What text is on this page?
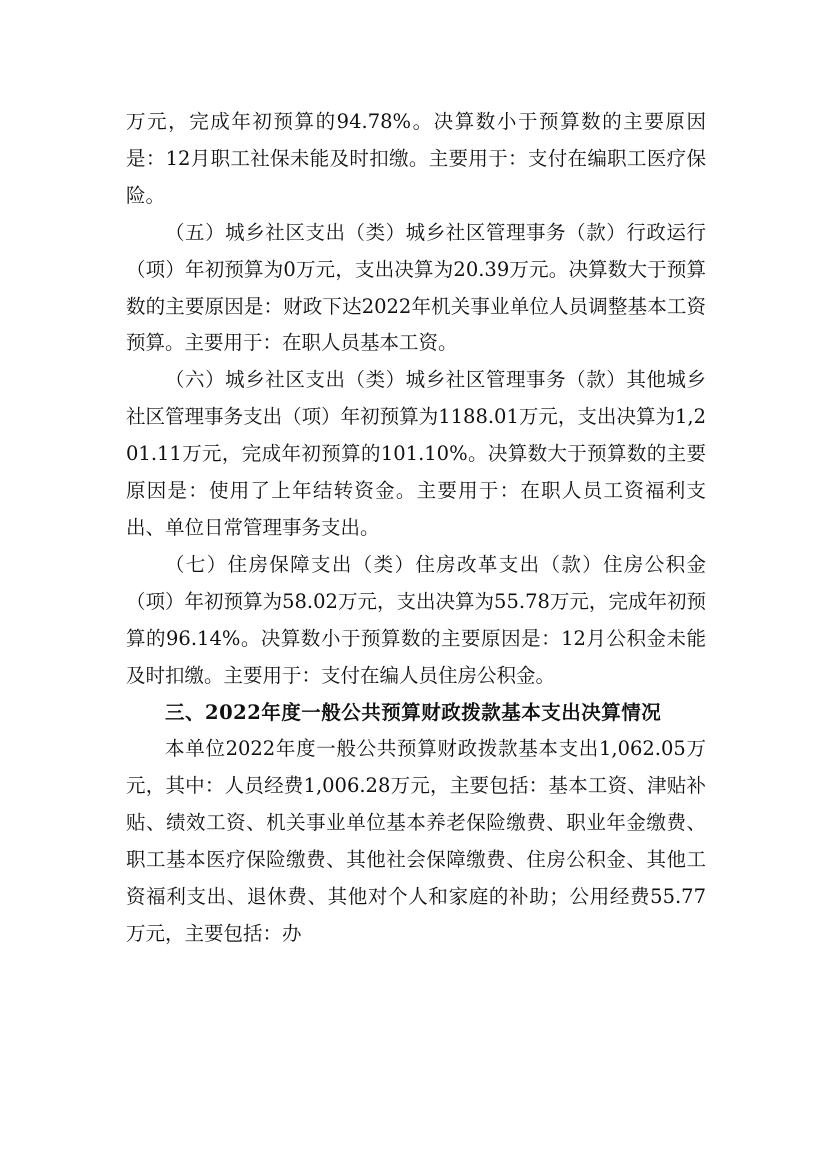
万元，完成年初预算的94.78%。决算数小于预算数的主要原因是：12月职工社保未能及时扣缴。主要用于：支付在编职工医疗保险。

（五）城乡社区支出（类）城乡社区管理事务（款）行政运行（项）年初预算为0万元，支出决算为20.39万元。决算数大于预算数的主要原因是：财政下达2022年机关事业单位人员调整基本工资预算。主要用于：在职人员基本工资。

（六）城乡社区支出（类）城乡社区管理事务（款）其他城乡社区管理事务支出（项）年初预算为1188.01万元，支出决算为1,201.11万元，完成年初预算的101.10%。决算数大于预算数的主要原因是：使用了上年结转资金。主要用于：在职人员工资福利支出、单位日常管理事务支出。

（七）住房保障支出（类）住房改革支出（款）住房公积金（项）年初预算为58.02万元，支出决算为55.78万元，完成年初预算的96.14%。决算数小于预算数的主要原因是：12月公积金未能及时扣缴。主要用于：支付在编人员住房公积金。

三、2022年度一般公共预算财政拨款基本支出决算情况

本单位2022年度一般公共预算财政拨款基本支出1,062.05万元，其中：人员经费1,006.28万元，主要包括：基本工资、津贴补贴、绩效工资、机关事业单位基本养老保险缴费、职业年金缴费、职工基本医疗保险缴费、其他社会保障缴费、住房公积金、其他工资福利支出、退休费、其他对个人和家庭的补助；公用经费55.77万元，主要包括：办
